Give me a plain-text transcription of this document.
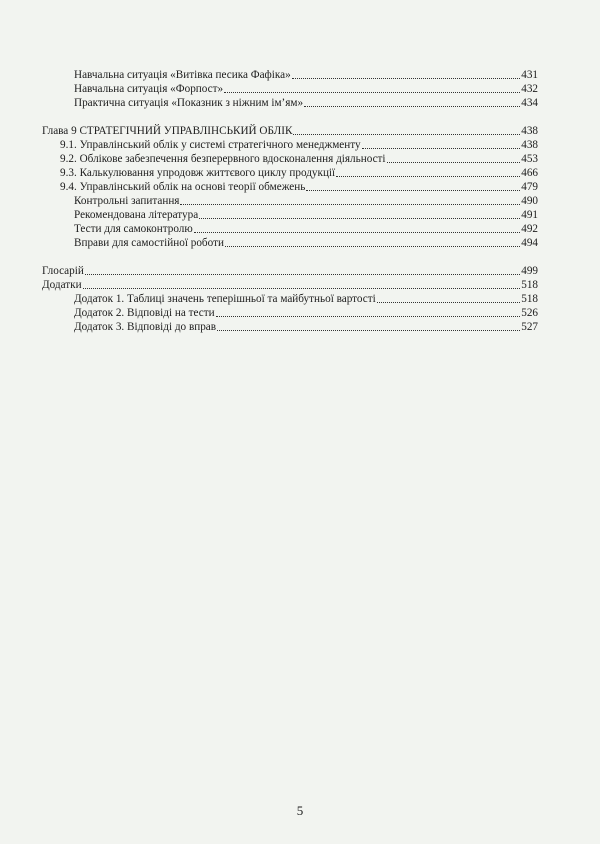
Навчальна ситуація «Витівка песика Фафіка»	431
Навчальна ситуація «Форпост»	432
Практична ситуація «Показник з ніжним ім’ям»	434
Глава 9 СТРАТЕГІЧНИЙ УПРАВЛІНСЬКИЙ ОБЛІК	438
9.1. Управлінський облік у системі стратегічного менеджменту	438
9.2. Облікове забезпечення безперервного вдосконалення діяльності	453
9.3. Калькулювання упродовж життєвого циклу продукції	466
9.4. Управлінський облік на основі теорії обмежень	479
Контрольні запитання	490
Рекомендована література	491
Тести для самоконтролю	492
Вправи для самостійної роботи	494
Глосарій	499
Додатки	518
Додаток 1. Таблиці значень теперішньої та майбутньої вартості	518
Додаток 2. Відповіді на тести	526
Додаток 3. Відповіді до вправ	527
5
